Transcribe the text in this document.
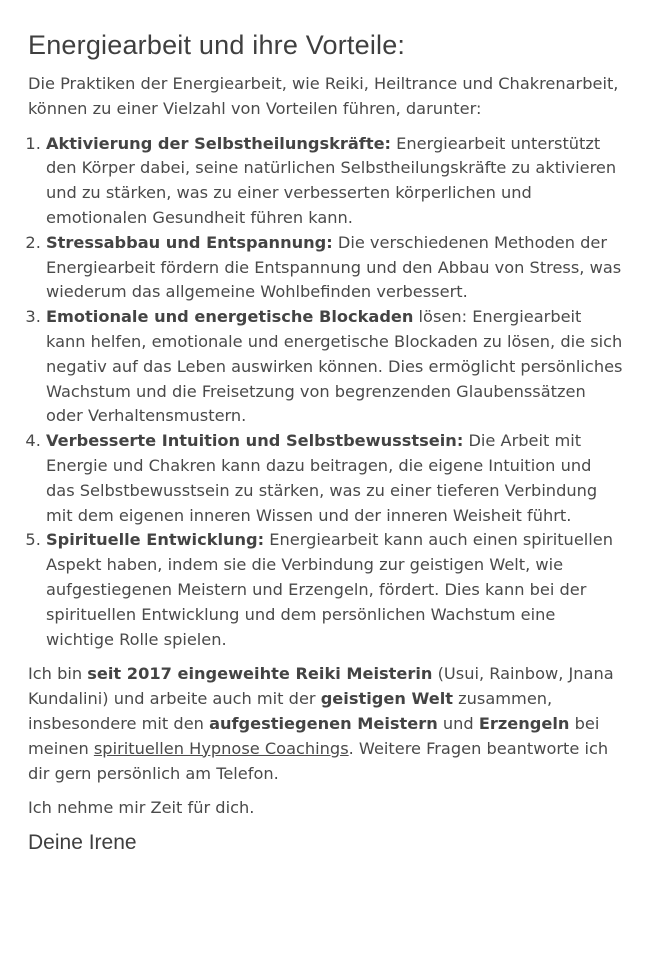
Energiearbeit und ihre Vorteile:

Die Praktiken der Energiearbeit, wie Reiki, Heiltrance und Chakrenarbeit, können zu einer Vielzahl von Vorteilen führen, darunter:

1. Aktivierung der Selbstheilungskräfte: Energiearbeit unterstützt den Körper dabei, seine natürlichen Selbstheilungskräfte zu aktivieren und zu stärken, was zu einer verbesserten körperlichen und emotionalen Gesundheit führen kann.
2. Stressabbau und Entspannung: Die verschiedenen Methoden der Energiearbeit fördern die Entspannung und den Abbau von Stress, was wiederum das allgemeine Wohlbefinden verbessert.
3. Emotionale und energetische Blockaden lösen: Energiearbeit kann helfen, emotionale und energetische Blockaden zu lösen, die sich negativ auf das Leben auswirken können. Dies ermöglicht persönliches Wachstum und die Freisetzung von begrenzenden Glaubenssätzen oder Verhaltensmustern.
4. Verbesserte Intuition und Selbstbewusstsein: Die Arbeit mit Energie und Chakren kann dazu beitragen, die eigene Intuition und das Selbstbewusstsein zu stärken, was zu einer tieferen Verbindung mit dem eigenen inneren Wissen und der inneren Weisheit führt.
5. Spirituelle Entwicklung: Energiearbeit kann auch einen spirituellen Aspekt haben, indem sie die Verbindung zur geistigen Welt, wie aufgestiegenen Meistern und Erzengeln, fördert. Dies kann bei der spirituellen Entwicklung und dem persönlichen Wachstum eine wichtige Rolle spielen.

Ich bin seit 2017 eingeweihte Reiki Meisterin (Usui, Rainbow, Jnana Kundalini) und arbeite auch mit der geistigen Welt zusammen, insbesondere mit den aufgestiegenen Meistern und Erzengeln bei meinen spirituellen Hypnose Coachings. Weitere Fragen beantworte ich dir gern persönlich am Telefon.

Ich nehme mir Zeit für dich.

Deine Irene
